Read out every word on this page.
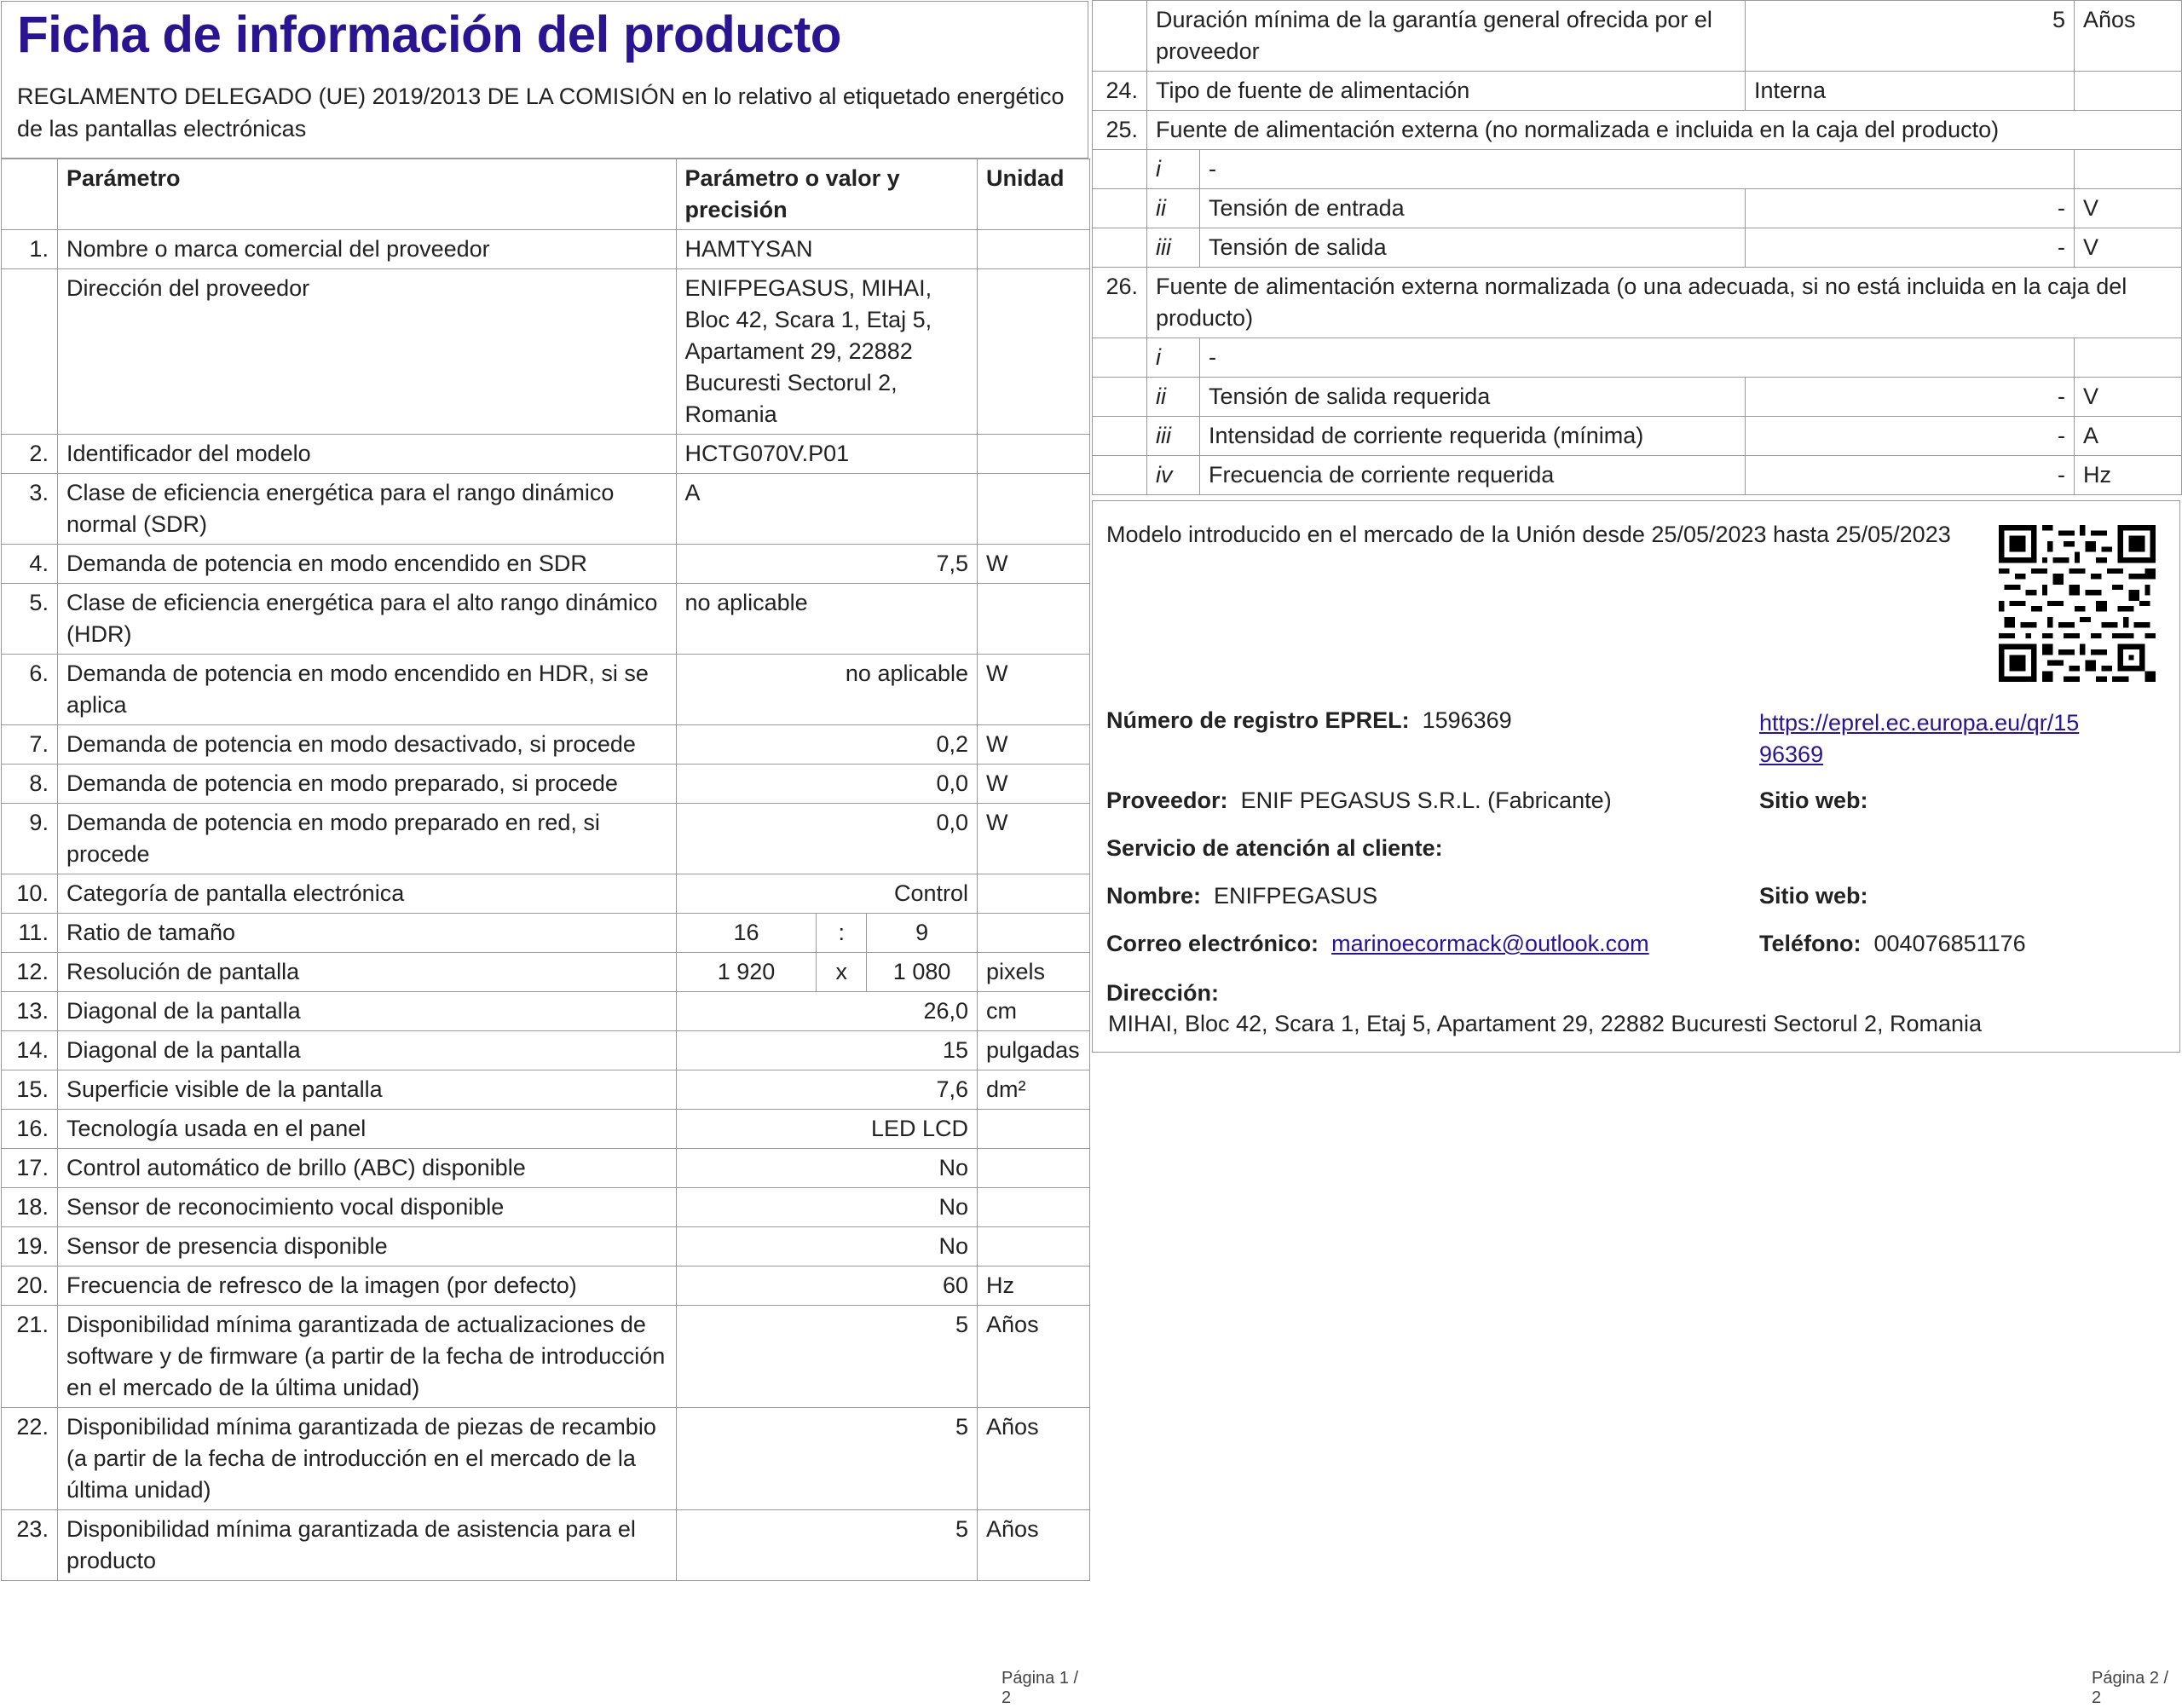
Ficha de información del producto
REGLAMENTO DELEGADO (UE) 2019/2013 DE LA COMISIÓN en lo relativo al etiquetado energético de las pantallas electrónicas
	Parámetro	Parámetro o valor y precisión			Unidad
1.	Nombre o marca comercial del proveedor	HAMTYSAN			
	Dirección del proveedor	ENIFPEGASUS, MIHAI, Bloc 42, Scara 1, Etaj 5, Apartament 29, 22882 Bucuresti Sectorul 2, Romania			
2.	Identificador del modelo	HCTG070V.P01			
3.	Clase de eficiencia energética para el rango dinámico normal (SDR)	A			
4.	Demanda de potencia en modo encendido en SDR	7,5			W
5.	Clase de eficiencia energética para el alto rango dinámico (HDR)	no aplicable			
6.	Demanda de potencia en modo encendido en HDR, si se aplica	no aplicable			W
7.	Demanda de potencia en modo desactivado, si procede	0,2			W
8.	Demanda de potencia en modo preparado, si procede	0,0			W
9.	Demanda de potencia en modo preparado en red, si procede	0,0			W
10.	Categoría de pantalla electrónica	Control			
11.	Ratio de tamaño	16	:	9	
12.	Resolución de pantalla	1 920	x	1 080	pixels
13.	Diagonal de la pantalla	26,0			cm
14.	Diagonal de la pantalla	15			pulgadas
15.	Superficie visible de la pantalla	7,6			dm²
16.	Tecnología usada en el panel	LED LCD			
17.	Control automático de brillo (ABC) disponible	No			
18.	Sensor de reconocimiento vocal disponible	No			
19.	Sensor de presencia disponible	No			
20.	Frecuencia de refresco de la imagen (por defecto)	60			Hz
21.	Disponibilidad mínima garantizada de actualizaciones de software y de firmware (a partir de la fecha de introducción en el mercado de la última unidad)	5			Años
22.	Disponibilidad mínima garantizada de piezas de recambio (a partir de la fecha de introducción en el mercado de la última unidad)	5			Años
23.	Disponibilidad mínima garantizada de asistencia para el producto	5			Años
Página 1 / 2
	Duración mínima de la garantía general ofrecida por el proveedor		5	Años
24.	Tipo de fuente de alimentación		Interna	
25.	Fuente de alimentación externa (no normalizada e incluida en la caja del producto)			
	i	-		
	ii	Tensión de entrada	-	V
	iii	Tensión de salida	-	V
26.	Fuente de alimentación externa normalizada (o una adecuada, si no está incluida en la caja del producto)			
	i	-		
	ii	Tensión de salida requerida	-	V
	iii	Intensidad de corriente requerida (mínima)	-	A
	iv	Frecuencia de corriente requerida	-	Hz
Modelo introducido en el mercado de la Unión desde 25/05/2023 hasta 25/05/2023
Número de registro EPREL: 1596369	https://eprel.ec.europa.eu/qr/15
96369
Proveedor: ENIF PEGASUS S.R.L. (Fabricante)	Sitio web:
Servicio de atención al cliente:
Nombre: ENIFPEGASUS	Sitio web:
Correo electrónico: marinoecormack@outlook.com	Teléfono: 004076851176
Dirección:
MIHAI, Bloc 42, Scara 1, Etaj 5, Apartament 29, 22882 Bucuresti Sectorul 2, Romania
Página 2 / 2
